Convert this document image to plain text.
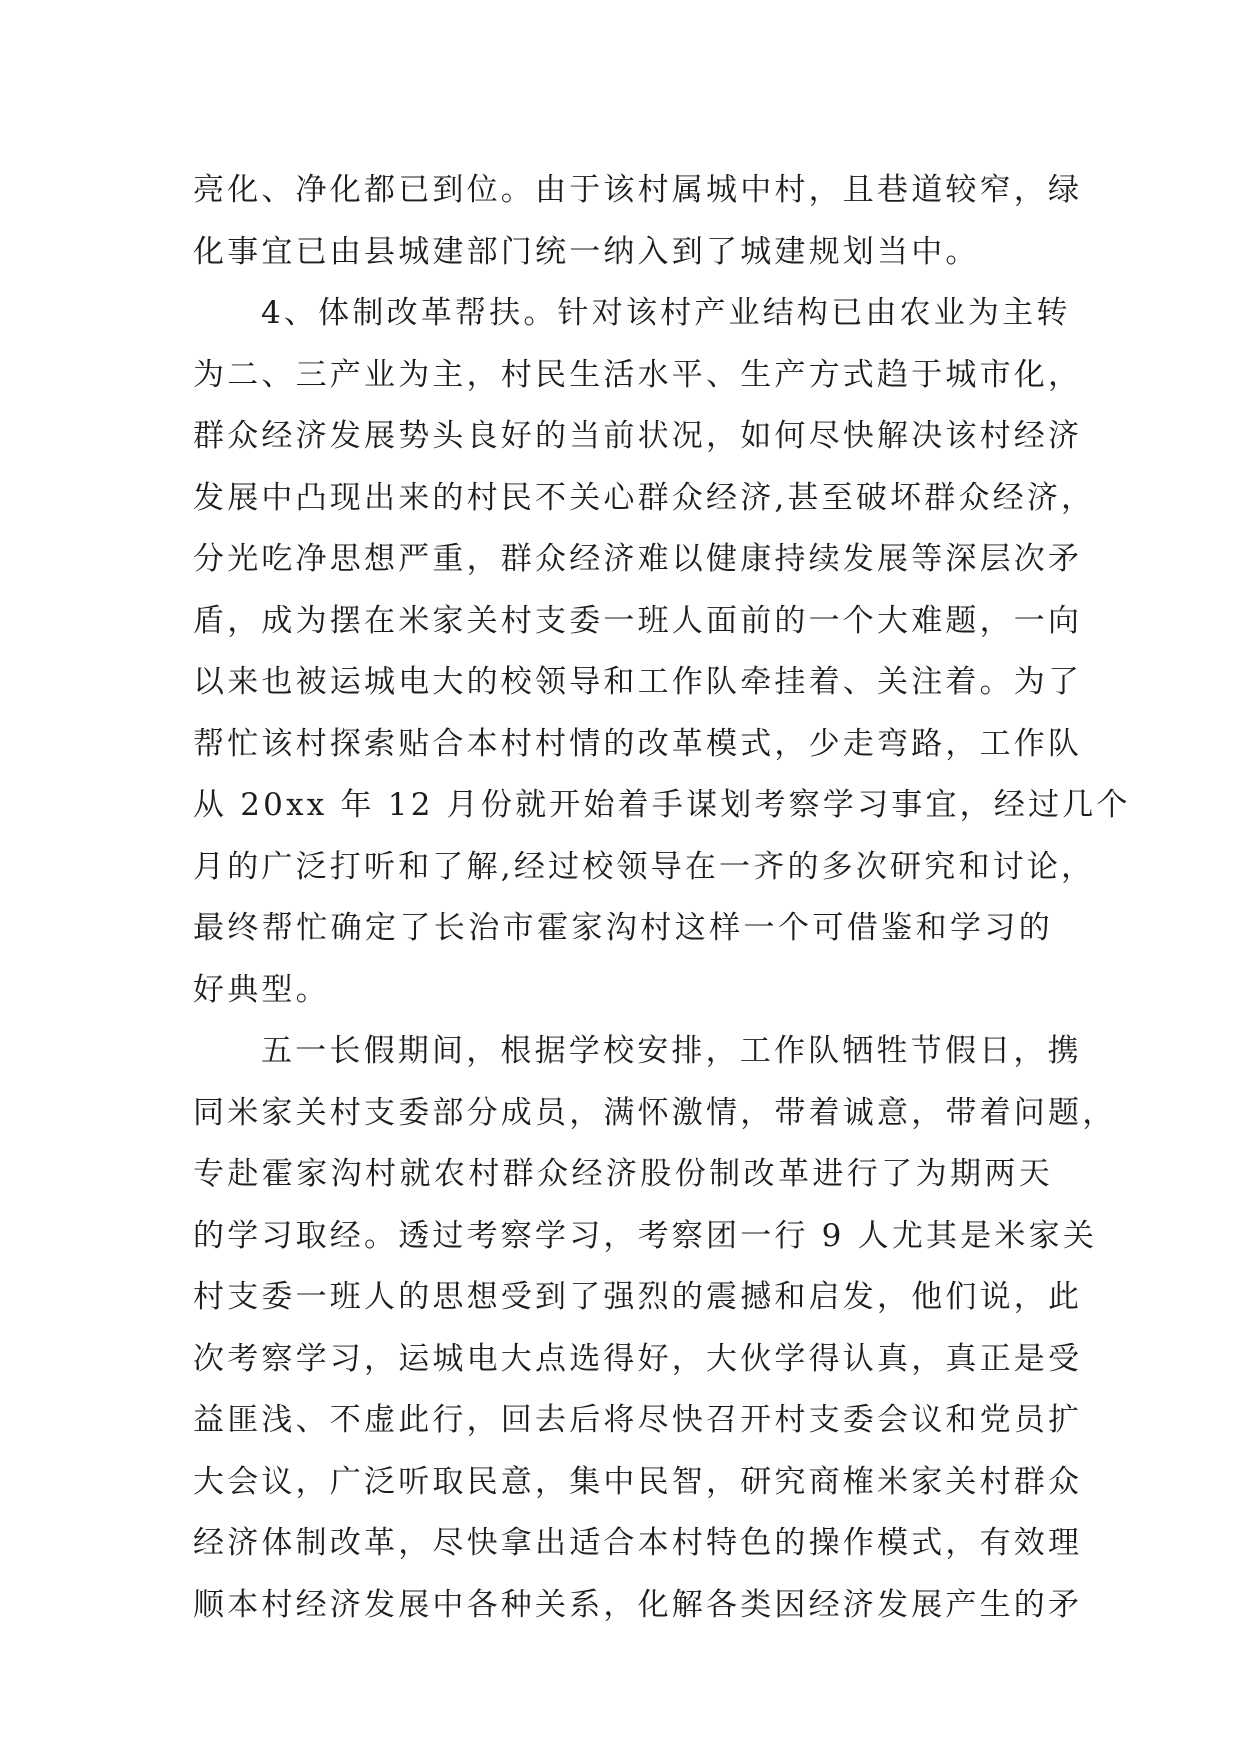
亮化、净化都已到位。由于该村属城中村，且巷道较窄，绿
化事宜已由县城建部门统一纳入到了城建规划当中。
4、体制改革帮扶。针对该村产业结构已由农业为主转
为二、三产业为主，村民生活水平、生产方式趋于城市化，
群众经济发展势头良好的当前状况，如何尽快解决该村经济
发展中凸现出来的村民不关心群众经济,甚至破坏群众经济，
分光吃净思想严重，群众经济难以健康持续发展等深层次矛
盾，成为摆在米家关村支委一班人面前的一个大难题，一向
以来也被运城电大的校领导和工作队牵挂着、关注着。为了
帮忙该村探索贴合本村村情的改革模式，少走弯路，工作队
从 20xx 年 12 月份就开始着手谋划考察学习事宜，经过几个
月的广泛打听和了解,经过校领导在一齐的多次研究和讨论，
最终帮忙确定了长治市霍家沟村这样一个可借鉴和学习的
好典型。
五一长假期间，根据学校安排，工作队牺牲节假日，携
同米家关村支委部分成员，满怀激情，带着诚意，带着问题，
专赴霍家沟村就农村群众经济股份制改革进行了为期两天
的学习取经。透过考察学习，考察团一行 9 人尤其是米家关
村支委一班人的思想受到了强烈的震撼和启发，他们说，此
次考察学习，运城电大点选得好，大伙学得认真，真正是受
益匪浅、不虚此行，回去后将尽快召开村支委会议和党员扩
大会议，广泛听取民意，集中民智，研究商榷米家关村群众
经济体制改革，尽快拿出适合本村特色的操作模式，有效理
顺本村经济发展中各种关系，化解各类因经济发展产生的矛
